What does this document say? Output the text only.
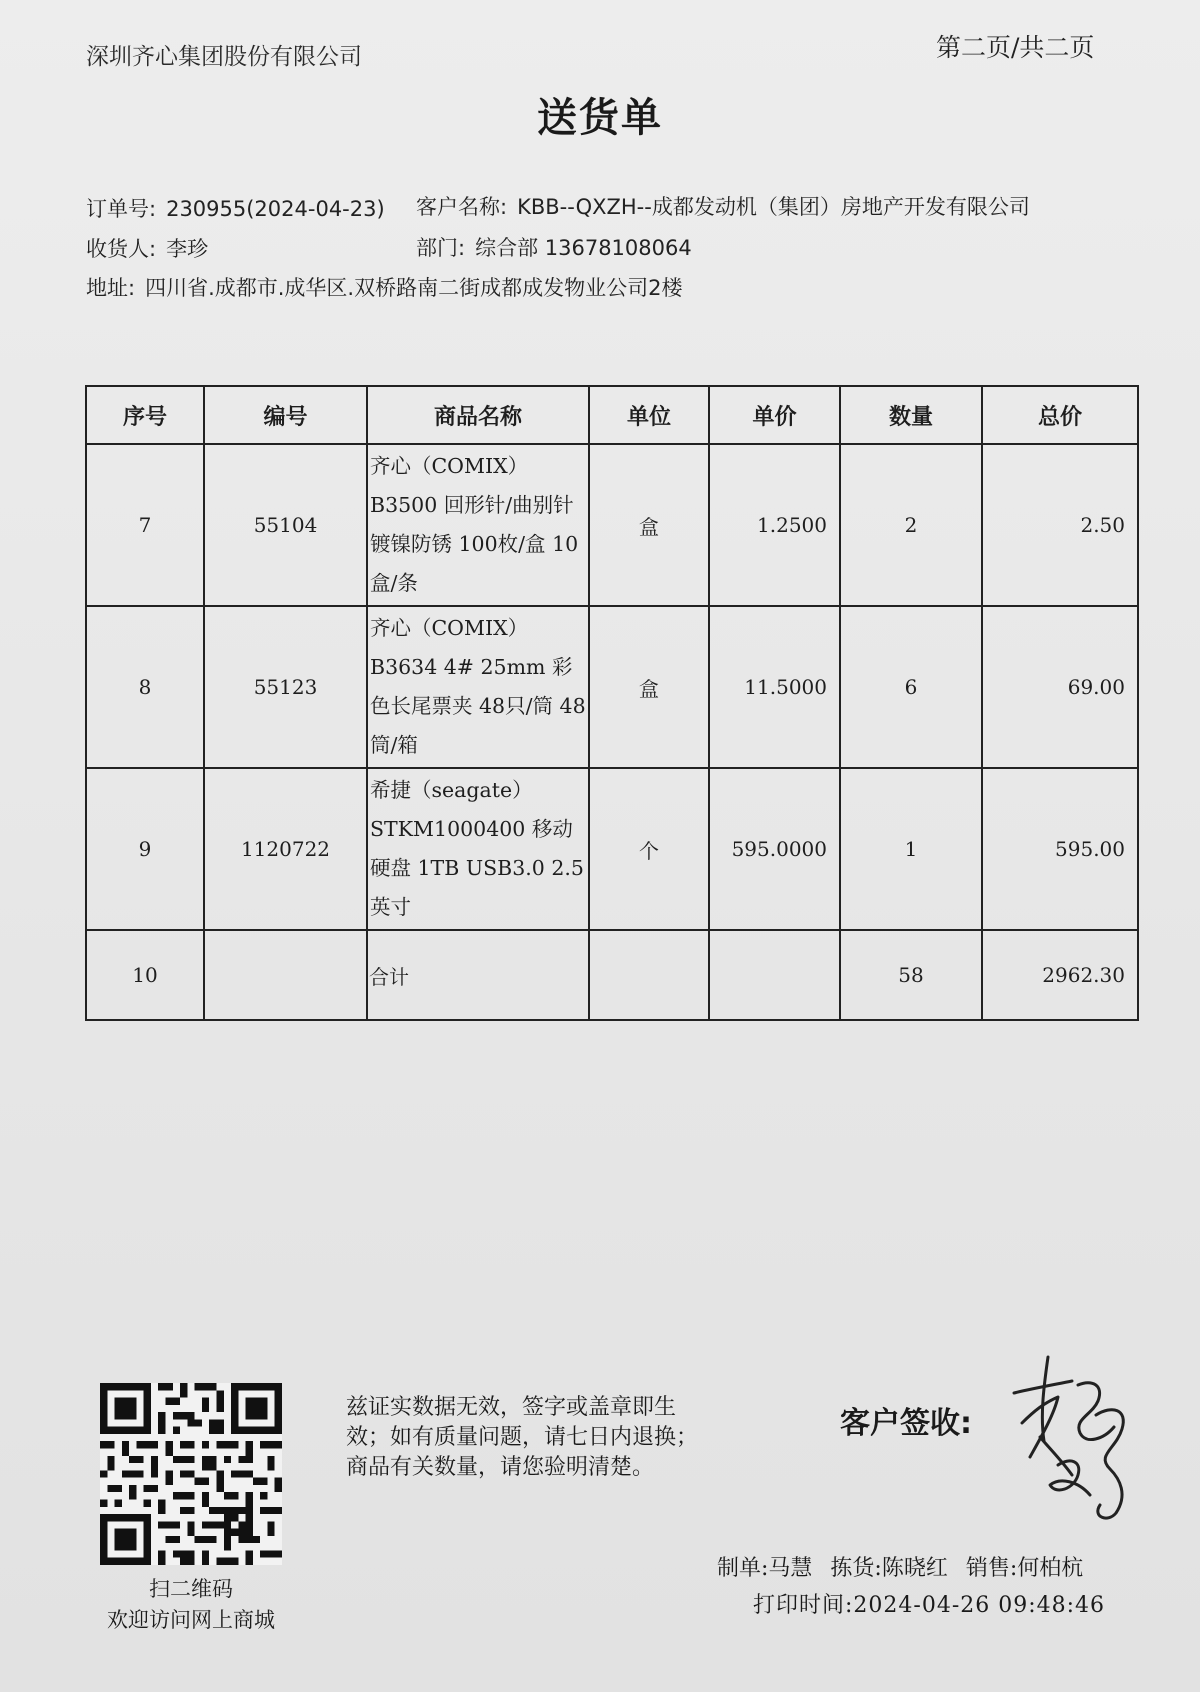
深圳齐心集团股份有限公司	第二页/共二页
送货单
订单号: 230955(2024-04-23) 客户名称: KBB--QXZH--成都发动机（集团）房地产开发有限公司
收货人: 李珍	部门: 综合部 13678108064
地址: 四川省.成都市.成华区.双桥路南二街成都成发物业公司2楼
序号	编号	商品名称	单位	单价	数量	总价
7	55104	齐心（COMIX）B3500 回形针/曲别针镀镍防锈 100枚/盒 10盒/条	盒	1.2500	2	2.50
8	55123	齐心（COMIX）B3634 4# 25mm 彩色长尾票夹 48只/筒 48筒/箱	盒	11.5000	6	69.00
9	1120722	希捷（seagate）STKM1000400 移动硬盘 1TB USB3.0 2.5英寸	个	595.0000	1	595.00
10		合计			58	2962.30
扫二维码
欢迎访问网上商城
兹证实数据无效，签字或盖章即生
效；如有质量问题，请七日内退换；
商品有关数量，请您验明清楚。
客户签收:
制单:马慧 拣货:陈晓红 销售:何柏杭
打印时间:2024-04-26 09:48:46
